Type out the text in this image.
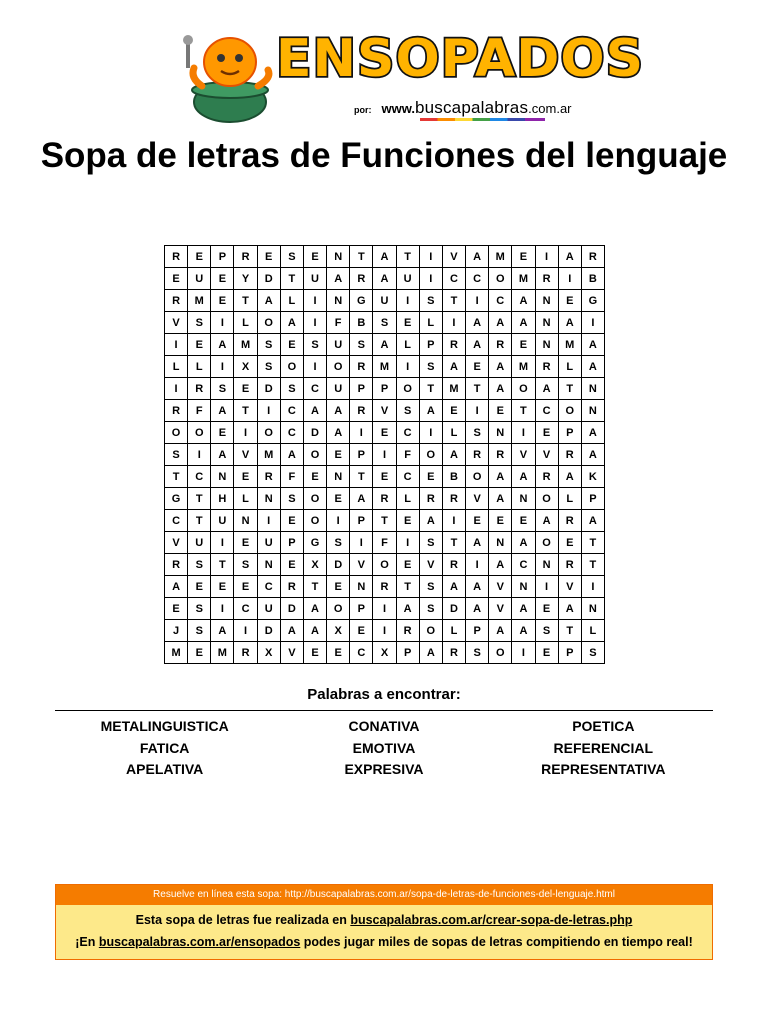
ENSOPADOS
por: www.buscapalabras.com.ar
Sopa de letras de Funciones del lenguaje
R	E	P	R	E	S	E	N	T	A	T	I	V	A	M	E	I	A	R
E	U	E	Y	D	T	U	A	R	A	U	I	C	C	O	M	R	I	B
R	M	E	T	A	L	I	N	G	U	I	S	T	I	C	A	N	E	G
V	S	I	L	O	A	I	F	B	S	E	L	I	A	A	A	N	A	I
I	E	A	M	S	E	S	U	S	A	L	P	R	A	R	E	N	M	A
L	L	I	X	S	O	I	O	R	M	I	S	A	E	A	M	R	L	A
I	R	S	E	D	S	C	U	P	P	O	T	M	T	A	O	A	T	N
R	F	A	T	I	C	A	A	R	V	S	A	E	I	E	T	C	O	N
O	O	E	I	O	C	D	A	I	E	C	I	L	S	N	I	E	P	A
S	I	A	V	M	A	O	E	P	I	F	O	A	R	R	V	V	R	A
T	C	N	E	R	F	E	N	T	E	C	E	B	O	A	A	R	A	K
G	T	H	L	N	S	O	E	A	R	L	R	R	V	A	N	O	L	P
C	T	U	N	I	E	O	I	P	T	E	A	I	E	E	E	A	R	A
V	U	I	E	U	P	G	S	I	F	I	S	T	A	N	A	O	E	T
R	S	T	S	N	E	X	D	V	O	E	V	R	I	A	C	N	R	T
A	E	E	E	C	R	T	E	N	R	T	S	A	A	V	N	I	V	I
E	S	I	C	U	D	A	O	P	I	A	S	D	A	V	A	E	A	N
J	S	A	I	D	A	A	X	E	I	R	O	L	P	A	A	S	T	L
M	E	M	R	X	V	E	E	C	X	P	A	R	S	O	I	E	P	S
Palabras a encontrar:
METALINGUISTICA	CONATIVA	POETICA
FATICA	EMOTIVA	REFERENCIAL
APELATIVA	EXPRESIVA	REPRESENTATIVA
Resuelve en línea esta sopa: http://buscapalabras.com.ar/sopa-de-letras-de-funciones-del-lenguaje.html
Esta sopa de letras fue realizada en buscapalabras.com.ar/crear-sopa-de-letras.php
¡En buscapalabras.com.ar/ensopados podes jugar miles de sopas de letras compitiendo en tiempo real!
